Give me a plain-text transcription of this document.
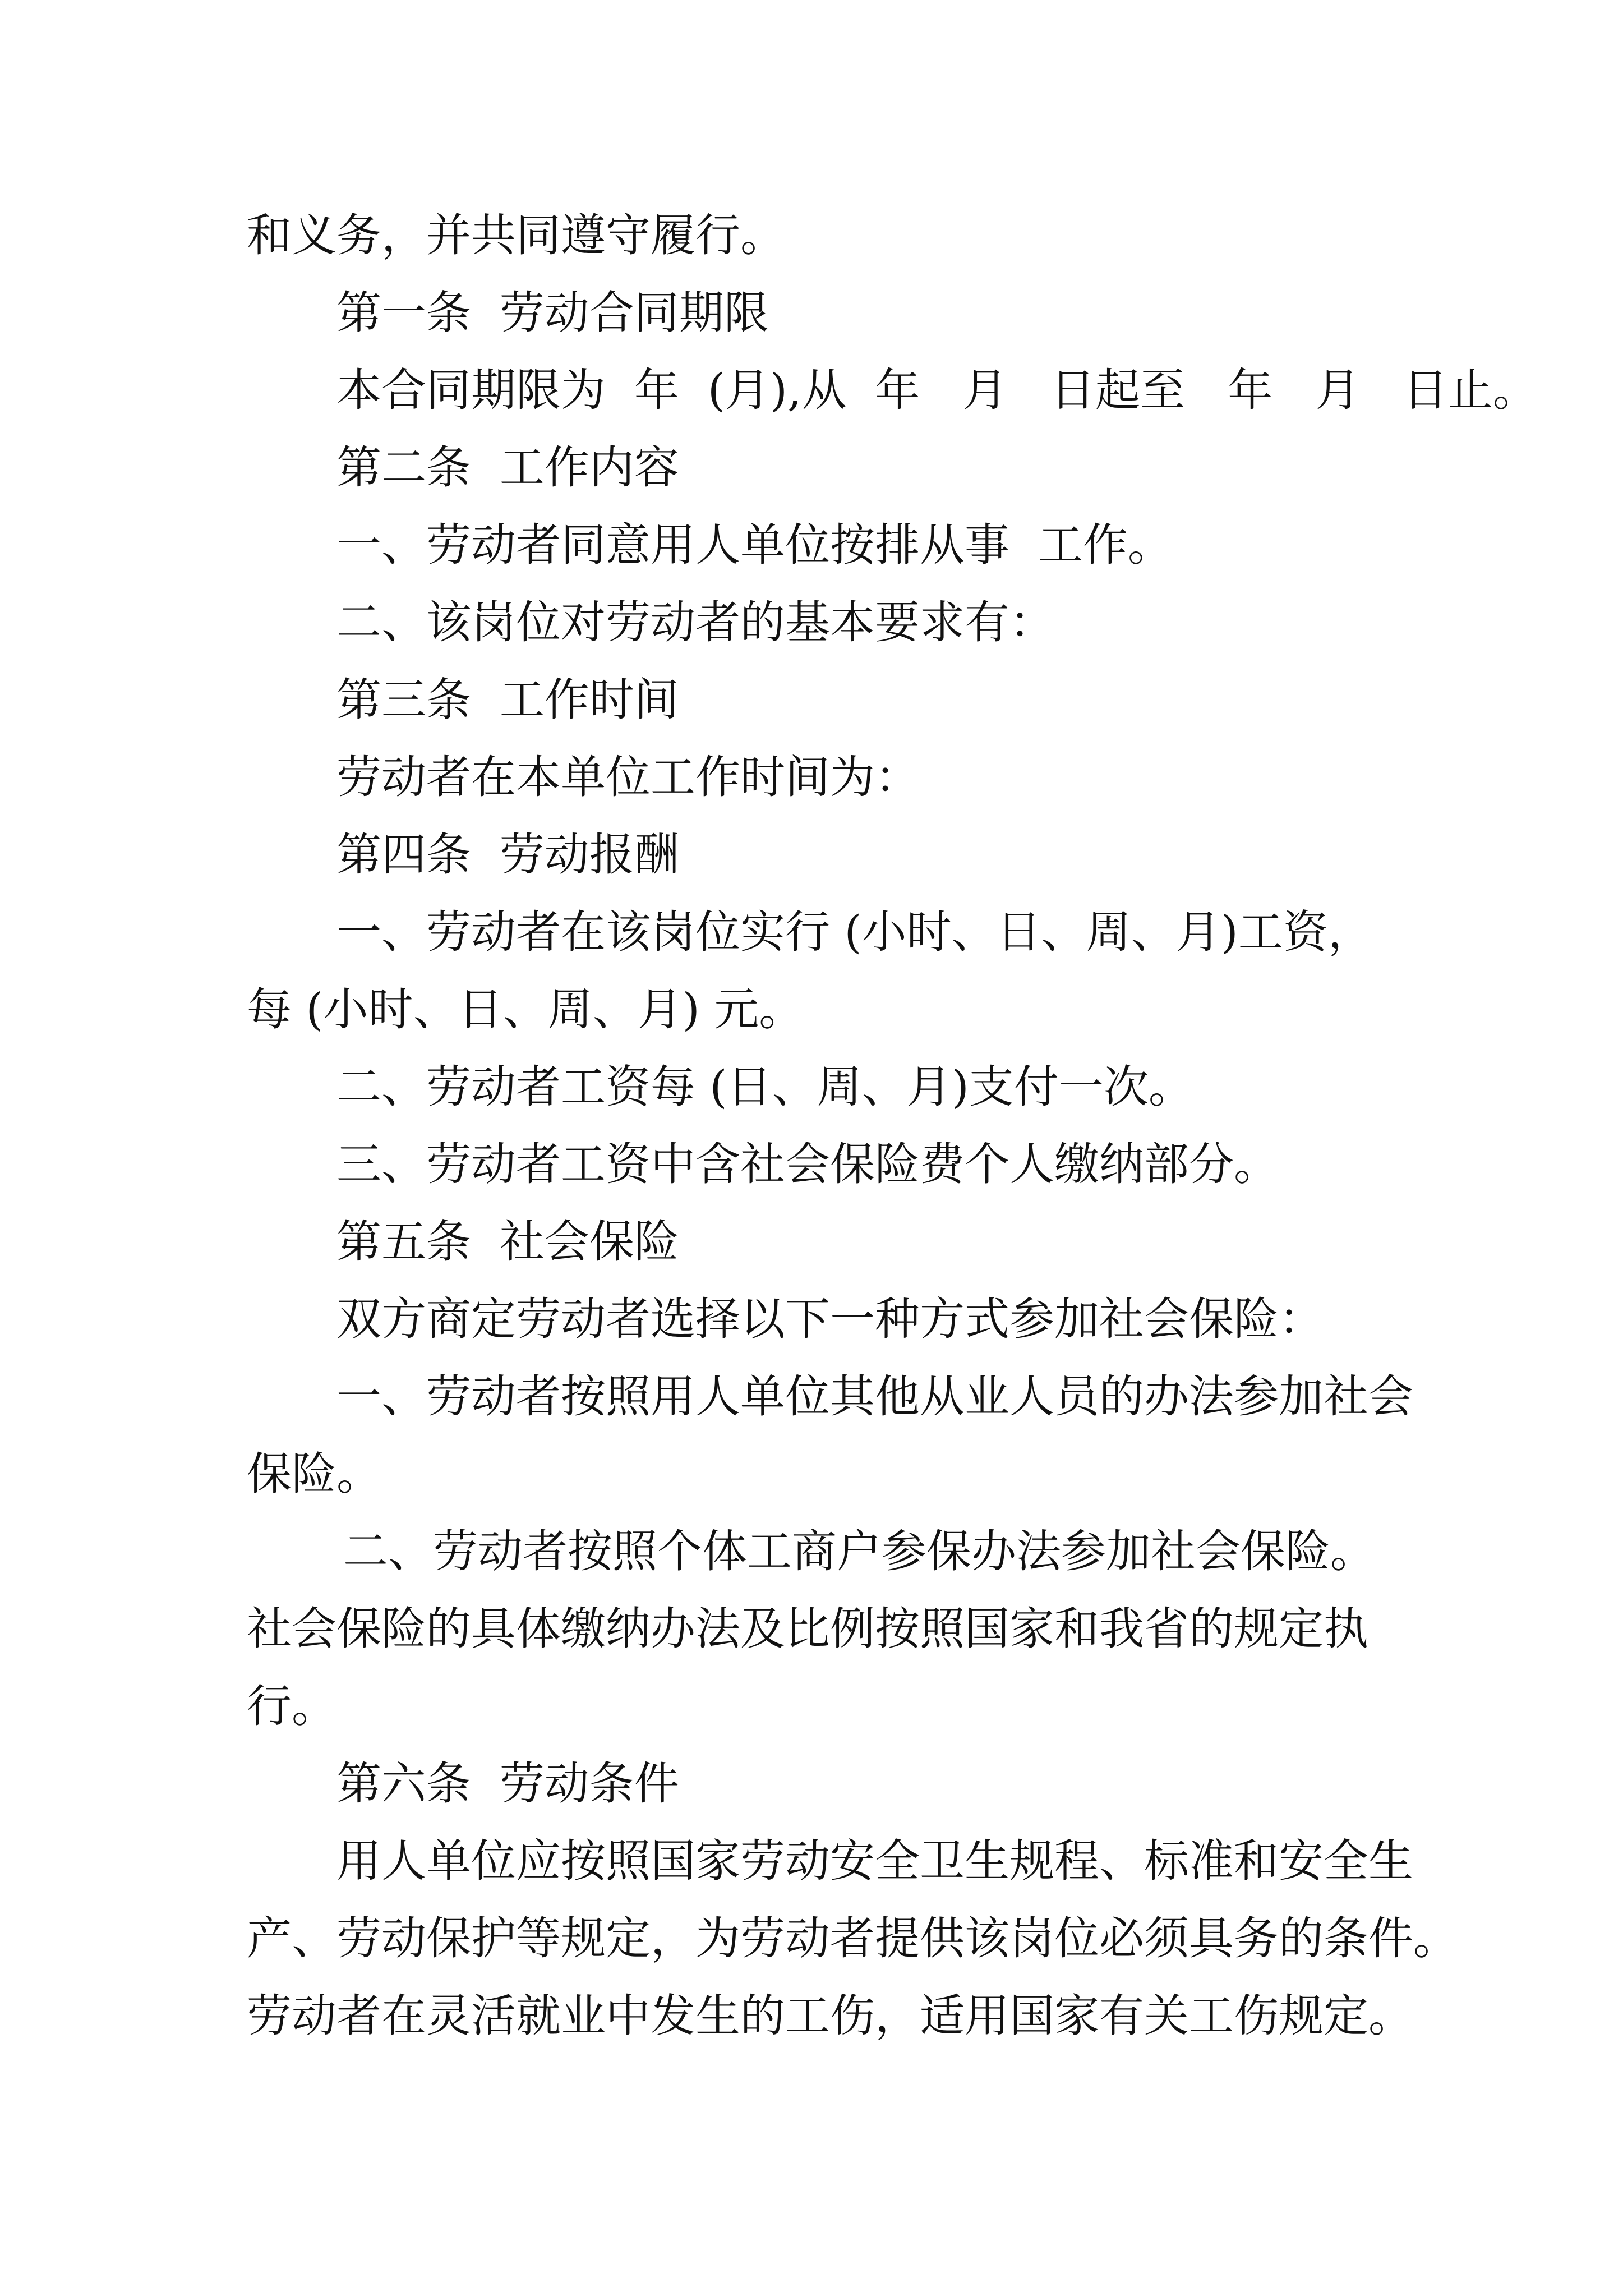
和义务，并共同遵守履行。

第一条  劳动合同期限

本合同期限为  年  (月),从  年   月   日起至   年   月   日止。

第二条  工作内容

一、劳动者同意用人单位按排从事  工作。

二、该岗位对劳动者的基本要求有：

第三条  工作时间

劳动者在本单位工作时间为：

第四条  劳动报酬

一、劳动者在该岗位实行 (小时、日、周、月)工资，

每 (小时、日、周、月) 元。

二、劳动者工资每 (日、周、月)支付一次。

三、劳动者工资中含社会保险费个人缴纳部分。

第五条  社会保险

双方商定劳动者选择以下一种方式参加社会保险：

一、劳动者按照用人单位其他从业人员的办法参加社会

保险。

二、劳动者按照个体工商户参保办法参加社会保险。

社会保险的具体缴纳办法及比例按照国家和我省的规定执

行。

第六条  劳动条件

用人单位应按照国家劳动安全卫生规程、标准和安全生

产、劳动保护等规定，为劳动者提供该岗位必须具务的条件。

劳动者在灵活就业中发生的工伤，适用国家有关工伤规定。
